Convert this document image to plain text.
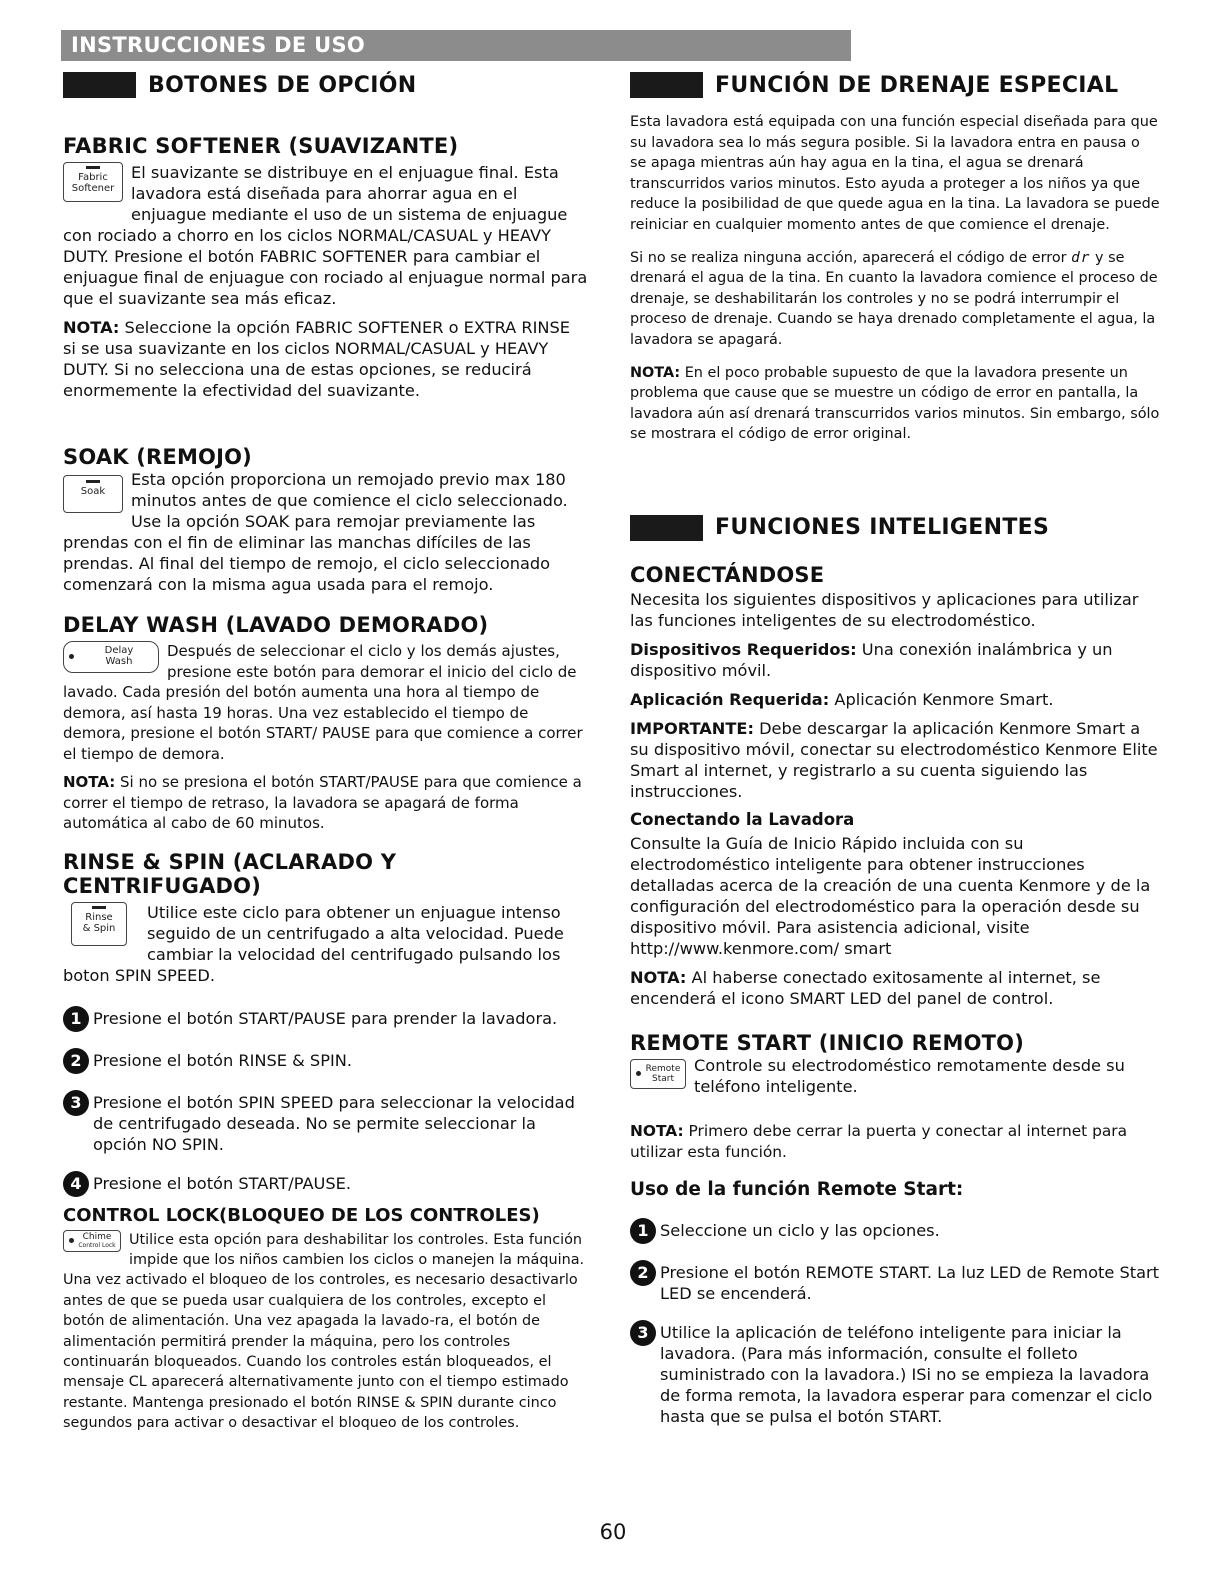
INSTRUCCIONES DE USO
BOTONES DE OPCIÓN
FABRIC SOFTENER (SUAVIZANTE)
Fabric
Softener

El suavizante se distribuye en el enjuague final. Esta lavadora está diseñada para ahorrar agua en el enjuague mediante el uso de un sistema de enjuague con rociado a chorro en los ciclos NORMAL/CASUAL y HEAVY DUTY. Presione el botón FABRIC SOFTENER para cambiar el enjuague final de enjuague con rociado al enjuague normal para que el suavizante sea más eficaz.

NOTA: Seleccione la opción FABRIC SOFTENER o EXTRA RINSE si se usa suavizante en los ciclos NORMAL/CASUAL y HEAVY DUTY. Si no selecciona una de estas opciones, se reducirá enormemente la efectividad del suavizante.

SOAK (REMOJO)
Soak

Esta opción proporciona un remojado previo max 180 minutos antes de que comience el ciclo seleccionado. Use la opción SOAK para remojar previamente las prendas con el fin de eliminar las manchas difíciles de las prendas. Al final del tiempo de remojo, el ciclo seleccionado comenzará con la misma agua usada para el remojo.

DELAY WASH (LAVADO DEMORADO)
Delay
Wash

Después de seleccionar el ciclo y los demás ajustes, presione este botón para demorar el inicio del ciclo de lavado. Cada presión del botón aumenta una hora al tiempo de demora, así hasta 19 horas. Una vez establecido el tiempo de demora, presione el botón START/ PAUSE para que comience a correr el tiempo de demora.

NOTA: Si no se presiona el botón START/PAUSE para que comience a correr el tiempo de retraso, la lavadora se apagará de forma automática al cabo de 60 minutos.

RINSE & SPIN (ACLARADO Y CENTRIFUGADO)
Rinse
& Spin

Utilice este ciclo para obtener un enjuague intenso seguido de un centrifugado a alta velocidad. Puede cambiar la velocidad del centrifugado pulsando los boton SPIN SPEED.

1 Presione el botón START/PAUSE para prender la lavadora.
2 Presione el botón RINSE & SPIN.
3 Presione el botón SPIN SPEED para seleccionar la velocidad de centrifugado deseada. No se permite seleccionar la opción NO SPIN.
4 Presione el botón START/PAUSE.
CONTROL LOCK(BLOQUEO DE LOS CONTROLES)
Chime
Control Lock Utilice esta opción para deshabilitar los controles. Esta función impide que los niños cambien los ciclos o manejen la máquina. Una vez activado el bloqueo de los controles, es necesario desactivarlo antes de que se pueda usar cualquiera de los controles, excepto el botón de alimentación. Una vez apagada la lavado-ra, el botón de alimentación permitirá prender la máquina, pero los controles continuarán bloqueados. Cuando los controles están bloqueados, el mensaje CL aparecerá alternativamente junto con el tiempo estimado restante. Mantenga presionado el botón RINSE & SPIN durante cinco segundos para activar o desactivar el bloqueo de los controles.

FUNCIÓN DE DRENAJE ESPECIAL

Esta lavadora está equipada con una función especial diseñada para que su lavadora sea lo más segura posible. Si la lavadora entra en pausa o se apaga mientras aún hay agua en la tina, el agua se drenará transcurridos varios minutos. Esto ayuda a proteger a los niños ya que reduce la posibilidad de que quede agua en la tina. La lavadora se puede reiniciar en cualquier momento antes de que comience el drenaje.

Si no se realiza ninguna acción, aparecerá el código de error dr y se drenará el agua de la tina. En cuanto la lavadora comience el proceso de drenaje, se deshabilitarán los controles y no se podrá interrumpir el proceso de drenaje. Cuando se haya drenado completamente el agua, la lavadora se apagará.

NOTA: En el poco probable supuesto de que la lavadora presente un problema que cause que se muestre un código de error en pantalla, la lavadora aún así drenará transcurridos varios minutos. Sin embargo, sólo se mostrara el código de error original.

FUNCIONES INTELIGENTES
CONECTÁNDOSE

Necesita los siguientes dispositivos y aplicaciones para utilizar las funciones inteligentes de su electrodoméstico.

Dispositivos Requeridos: Una conexión inalámbrica y un dispositivo móvil.

Aplicación Requerida: Aplicación Kenmore Smart.

IMPORTANTE: Debe descargar la aplicación Kenmore Smart a su dispositivo móvil, conectar su electrodoméstico Kenmore Elite Smart al internet, y registrarlo a su cuenta siguiendo las instrucciones.

Conectando la Lavadora

Consulte la Guía de Inicio Rápido incluida con su electrodoméstico inteligente para obtener instrucciones detalladas acerca de la creación de una cuenta Kenmore y de la configuración del electrodoméstico para la operación desde su dispositivo móvil. Para asistencia adicional, visite http://www.kenmore.com/ smart

NOTA: Al haberse conectado exitosamente al internet, se encenderá el icono SMART LED del panel de control.

REMOTE START (INICIO REMOTO)
Remote
Start

Controle su electrodoméstico remotamente desde su teléfono inteligente.

NOTA: Primero debe cerrar la puerta y conectar al internet para utilizar esta función.

Uso de la función Remote Start:
1 Seleccione un ciclo y las opciones.
2 Presione el botón REMOTE START. La luz LED de Remote Start LED se encenderá.
3 Utilice la aplicación de teléfono inteligente para iniciar la lavadora. (Para más información, consulte el folleto suministrado con la lavadora.) ISi no se empieza la lavadora de forma remota, la lavadora esperar para comenzar el ciclo hasta que se pulsa el botón START.
60
